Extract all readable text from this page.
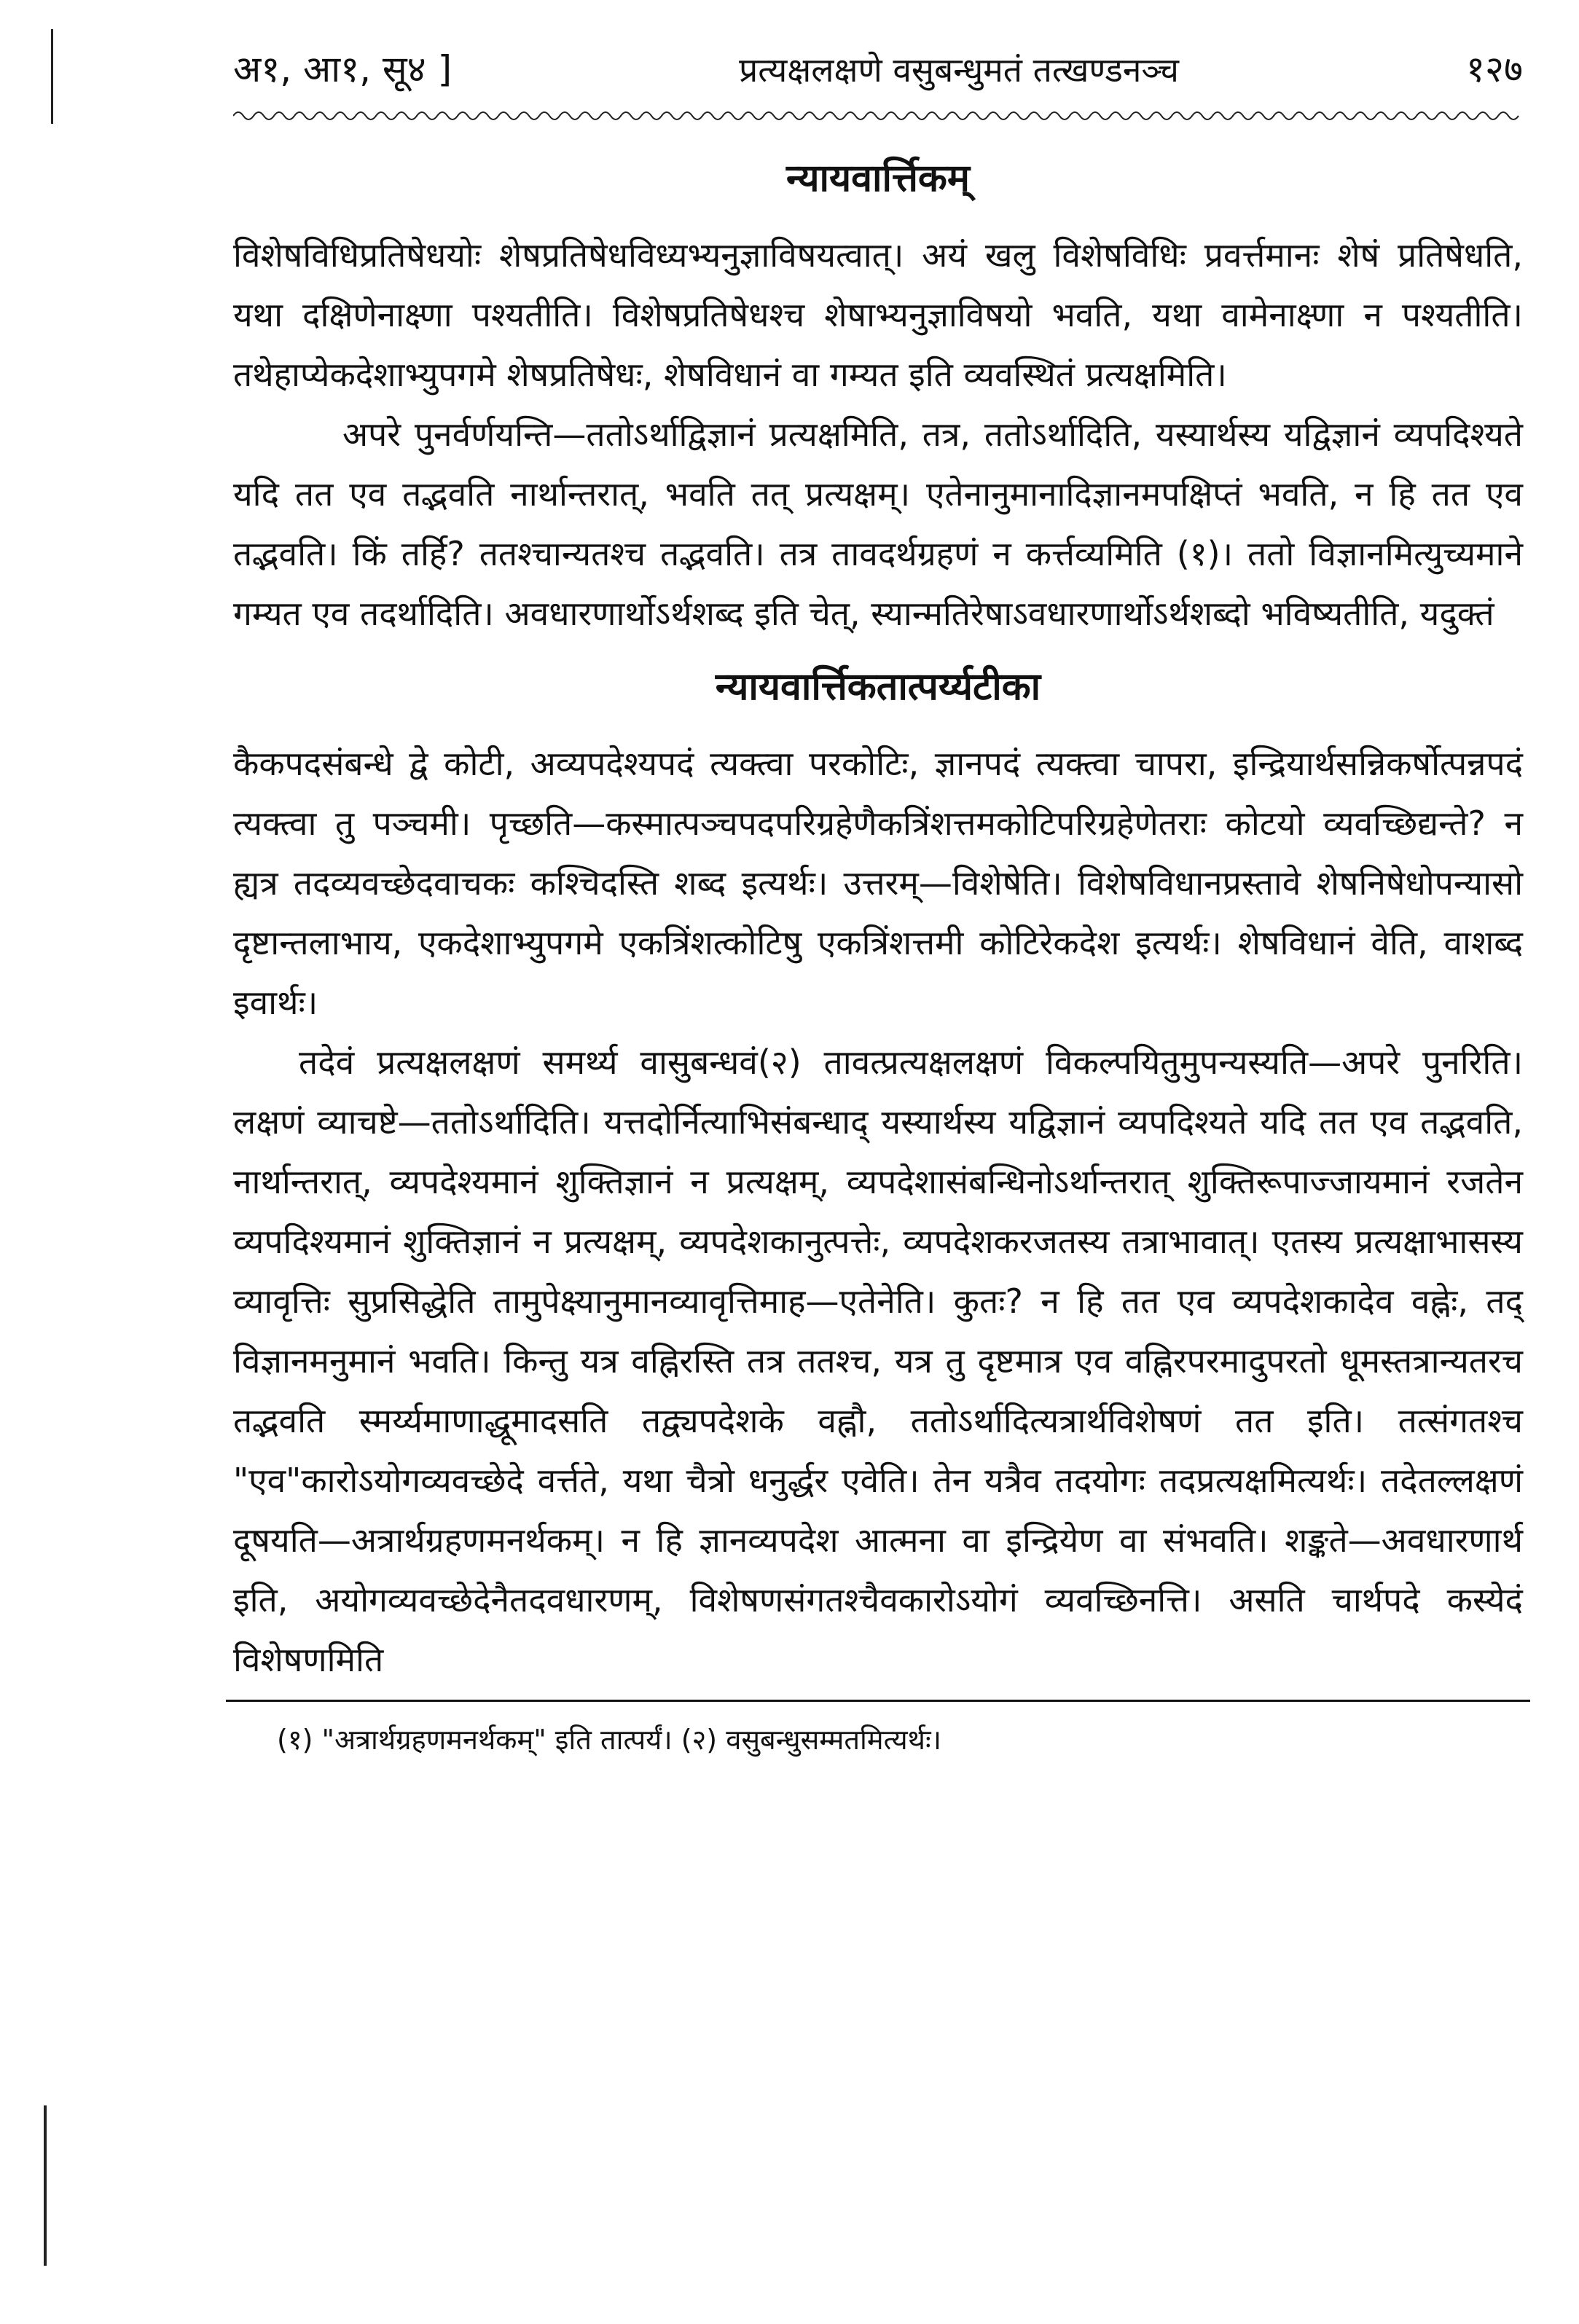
अ१, आ१, सू४ ]	प्रत्यक्षलक्षणे वसुबन्धुमतं तत्खण्डनञ्च	१२७
न्यायवार्त्तिकम्

विशेषविधिप्रतिषेधयोः शेषप्रतिषेधविध्यभ्यनुज्ञाविषयत्वात्। अयं खलु विशेषविधिः प्रवर्त्तमानः शेषं प्रतिषेधति, यथा दक्षिणेनाक्ष्णा पश्यतीति। विशेषप्रतिषेधश्च शेषाभ्यनुज्ञाविषयो भवति, यथा वामेनाक्ष्णा न पश्यतीति। तथेहाप्येकदेशाभ्युपगमे शेषप्रतिषेधः, शेषविधानं वा गम्यत इति व्यवस्थितं प्रत्यक्षमिति।

अपरे पुनर्वर्णयन्ति—ततोऽर्थाद्विज्ञानं प्रत्यक्षमिति, तत्र, ततोऽर्थादिति, यस्यार्थस्य यद्विज्ञानं व्यपदिश्यते यदि तत एव तद्भवति नार्थान्तरात्, भवति तत् प्रत्यक्षम्। एतेनानुमानादिज्ञानमपक्षिप्तं भवति, न हि तत एव तद्भवति। किं तर्हि? ततश्चान्यतश्च तद्भवति। तत्र तावदर्थग्रहणं न कर्त्तव्यमिति (१)। ततो विज्ञानमित्युच्यमाने गम्यत एव तदर्थादिति। अवधारणार्थोऽर्थशब्द इति चेत्, स्यान्मतिरेषाऽवधारणार्थोऽर्थशब्दो भविष्यतीति, यदुक्तं

न्यायवार्त्तिकतात्पर्य्यटीका

कैकपदसंबन्धे द्वे कोटी, अव्यपदेश्यपदं त्यक्त्वा परकोटिः, ज्ञानपदं त्यक्त्वा चापरा, इन्द्रियार्थसन्निकर्षोत्पन्नपदं त्यक्त्वा तु पञ्चमी। पृच्छति—कस्मात्पञ्चपदपरिग्रहेणैकत्रिंशत्तमकोटिपरिग्रहेणेतराः कोटयो व्यवच्छिद्यन्ते? न ह्यत्र तदव्यवच्छेदवाचकः कश्चिदस्ति शब्द इत्यर्थः। उत्तरम्—विशेषेति। विशेषविधानप्रस्तावे शेषनिषेधोपन्यासो दृष्टान्तलाभाय, एकदेशाभ्युपगमे एकत्रिंशत्कोटिषु एकत्रिंशत्तमी कोटिरेकदेश इत्यर्थः। शेषविधानं वेति, वाशब्द इवार्थः।

तदेवं प्रत्यक्षलक्षणं समर्थ्य वासुबन्धवं(२) तावत्प्रत्यक्षलक्षणं विकल्पयितुमुपन्यस्यति—अपरे पुनरिति। लक्षणं व्याचष्टे—ततोऽर्थादिति। यत्तदोर्नित्याभिसंबन्धाद् यस्यार्थस्य यद्विज्ञानं व्यपदिश्यते यदि तत एव तद्भवति, नार्थान्तरात्, व्यपदेश्यमानं शुक्तिज्ञानं न प्रत्यक्षम्, व्यपदेशासंबन्धिनोऽर्थान्तरात् शुक्तिरूपाज्जायमानं रजतेन व्यपदिश्यमानं शुक्तिज्ञानं न प्रत्यक्षम्, व्यपदेशकानुत्पत्तेः, व्यपदेशकरजतस्य तत्राभावात्। एतस्य प्रत्यक्षाभासस्य व्यावृत्तिः सुप्रसिद्धेति तामुपेक्ष्यानुमानव्यावृत्तिमाह—एतेनेति। कुतः? न हि तत एव व्यपदेशकादेव वह्नेः, तद् विज्ञानमनुमानं भवति। किन्तु यत्र वह्निरस्ति तत्र ततश्च, यत्र तु दृष्टमात्र एव वह्निरपरमादुपरतो धूमस्तत्रान्यतरच तद्भवति स्मर्य्यमाणाद्धूमादसति तद्व्यपदेशके वह्नौ, ततोऽर्थादित्यत्रार्थविशेषणं तत इति। तत्संगतश्च "एव"कारोऽयोगव्यवच्छेदे वर्त्तते, यथा चैत्रो धनुर्द्धर एवेति। तेन यत्रैव तदयोगः तदप्रत्यक्षमित्यर्थः। तदेतल्लक्षणं दूषयति—अत्रार्थग्रहणमनर्थकम्। न हि ज्ञानव्यपदेश आत्मना वा इन्द्रियेण वा संभवति। शङ्कते—अवधारणार्थ इति, अयोगव्यवच्छेदेनैतदवधारणम्, विशेषणसंगतश्चैवकारोऽयोगं व्यवच्छिनत्ति। असति चार्थपदे कस्येदं विशेषणमिति

(१) "अत्रार्थग्रहणमनर्थकम्" इति तात्पर्यं। (२) वसुबन्धुसम्मतमित्यर्थः।
